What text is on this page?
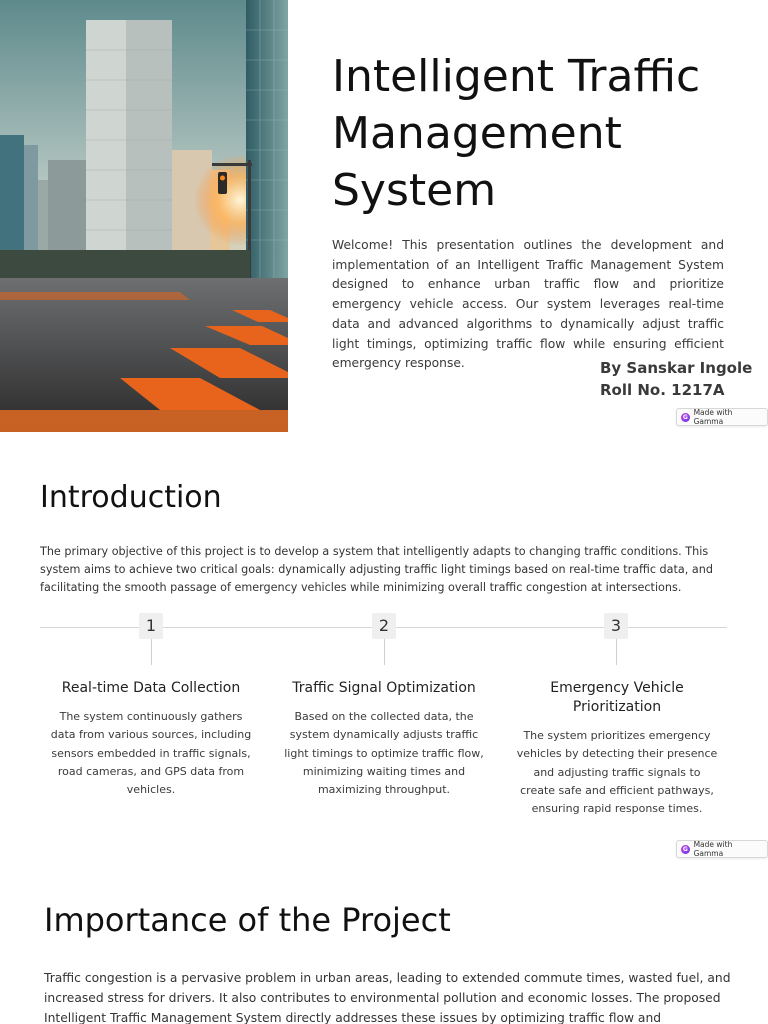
Intelligent Traffic Management System

Welcome! This presentation outlines the development and implementation of an Intelligent Traffic Management System designed to enhance urban traffic flow and prioritize emergency vehicle access. Our system leverages real-time data and advanced algorithms to dynamically adjust traffic light timings, optimizing traffic flow while ensuring efficient emergency response.	By Sanskar Ingole
Roll No. 1217A
G Made with Gamma
Introduction

The primary objective of this project is to develop a system that intelligently adapts to changing traffic conditions. This system aims to achieve two critical goals: dynamically adjusting traffic light timings based on real-time traffic data, and facilitating the smooth passage of emergency vehicles while minimizing overall traffic congestion at intersections.

1
Real-time Data Collection
The system continuously gathers data from various sources, including sensors embedded in traffic signals, road cameras, and GPS data from vehicles.
2
Traffic Signal Optimization
Based on the collected data, the system dynamically adjusts traffic light timings to optimize traffic flow, minimizing waiting times and maximizing throughput.
3
Emergency Vehicle Prioritization
The system prioritizes emergency vehicles by detecting their presence and adjusting traffic signals to create safe and efficient pathways, ensuring rapid response times.
G Made with Gamma
Importance of the Project

Traffic congestion is a pervasive problem in urban areas, leading to extended commute times, wasted fuel, and increased stress for drivers. It also contributes to environmental pollution and economic losses. The proposed Intelligent Traffic Management System directly addresses these issues by optimizing traffic flow and
